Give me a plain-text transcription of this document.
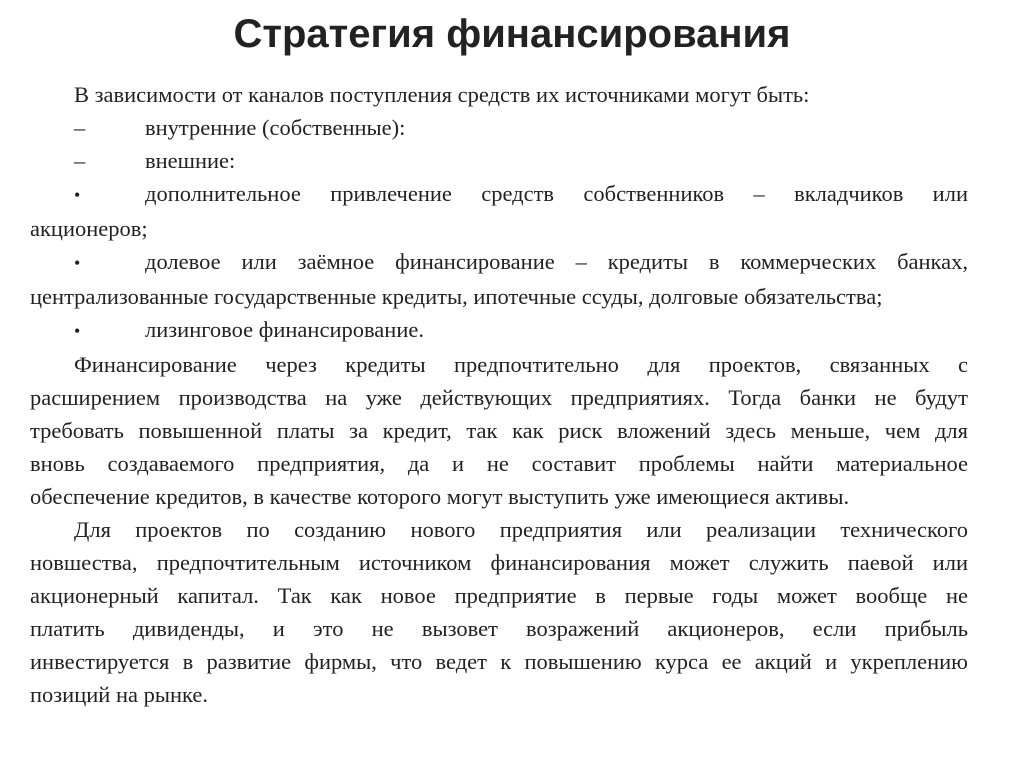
Стратегия финансирования
В зависимости от каналов поступления средств их источниками могут быть:
–	внутренние (собственные):
–	внешние:
•	дополнительное привлечение средств собственников – вкладчиков или
акционеров;
•	долевое или заёмное финансирование – кредиты в коммерческих банках,
централизованные государственные кредиты, ипотечные ссуды, долговые обязательства;
•	лизинговое финансирование.
Финансирование через кредиты предпочтительно для проектов, связанных с
расширением производства на уже действующих предприятиях. Тогда банки не будут
требовать повышенной платы за кредит, так как риск вложений здесь меньше, чем для
вновь создаваемого предприятия, да и не составит проблемы найти материальное
обеспечение кредитов, в качестве которого могут выступить уже имеющиеся активы.
Для проектов по созданию нового предприятия или реализации технического
новшества, предпочтительным источником финансирования может служить паевой или
акционерный капитал. Так как новое предприятие в первые годы может вообще не
платить дивиденды, и это не вызовет возражений акционеров, если прибыль
инвестируется в развитие фирмы, что ведет к повышению курса ее акций и укреплению
позиций на рынке.
